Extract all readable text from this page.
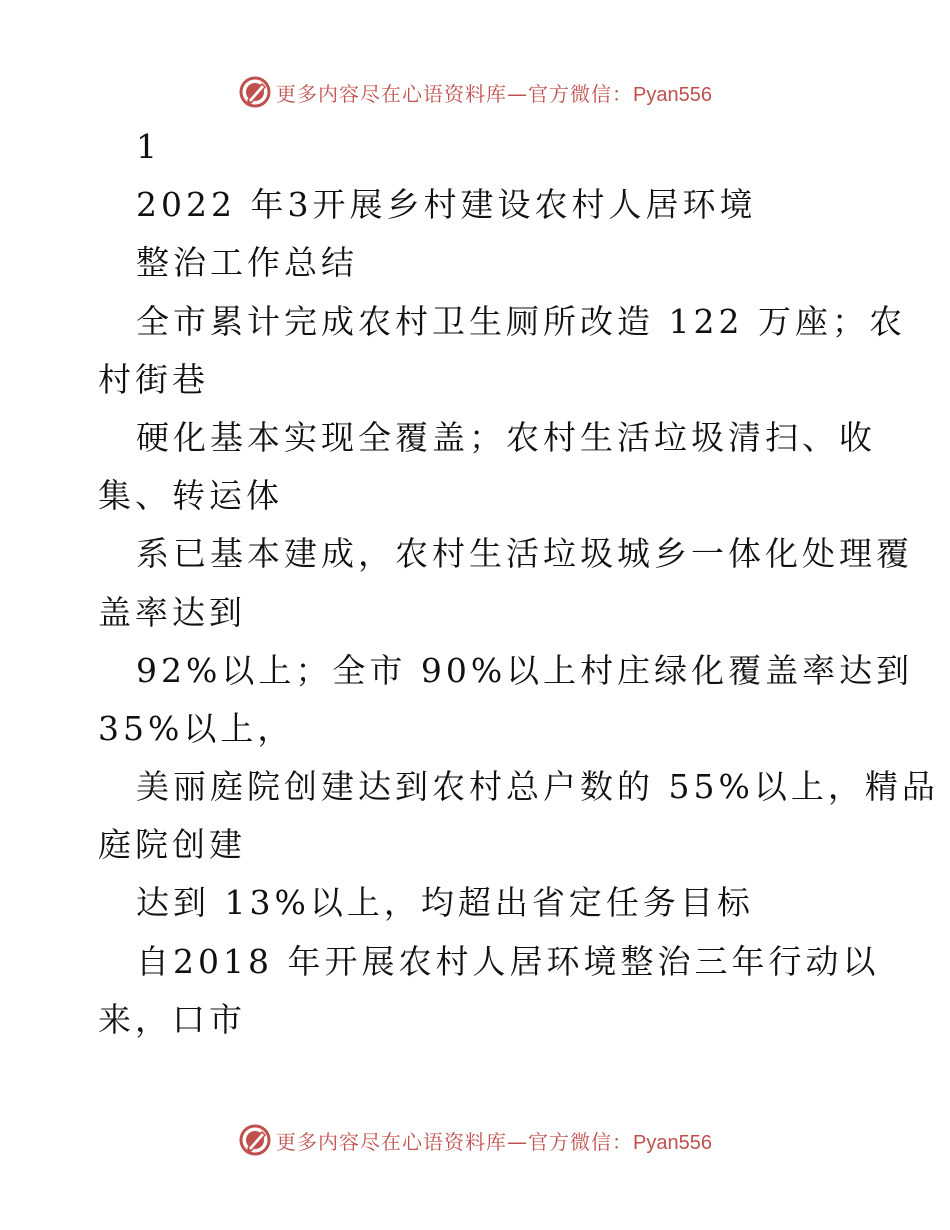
更多内容尽在心语资料库—官方微信：Pyan556
1
2022 年3开展乡村建设农村人居环境
整治工作总结
全市累计完成农村卫生厕所改造 122 万座；农
村街巷
硬化基本实现全覆盖；农村生活垃圾清扫、收
集、转运体
系已基本建成，农村生活垃圾城乡一体化处理覆
盖率达到
92%以上；全市 90%以上村庄绿化覆盖率达到
35%以上，
美丽庭院创建达到农村总户数的 55%以上，精品
庭院创建
达到 13%以上，均超出省定任务目标
自2018 年开展农村人居环境整治三年行动以
来，口市
更多内容尽在心语资料库—官方微信：Pyan556
